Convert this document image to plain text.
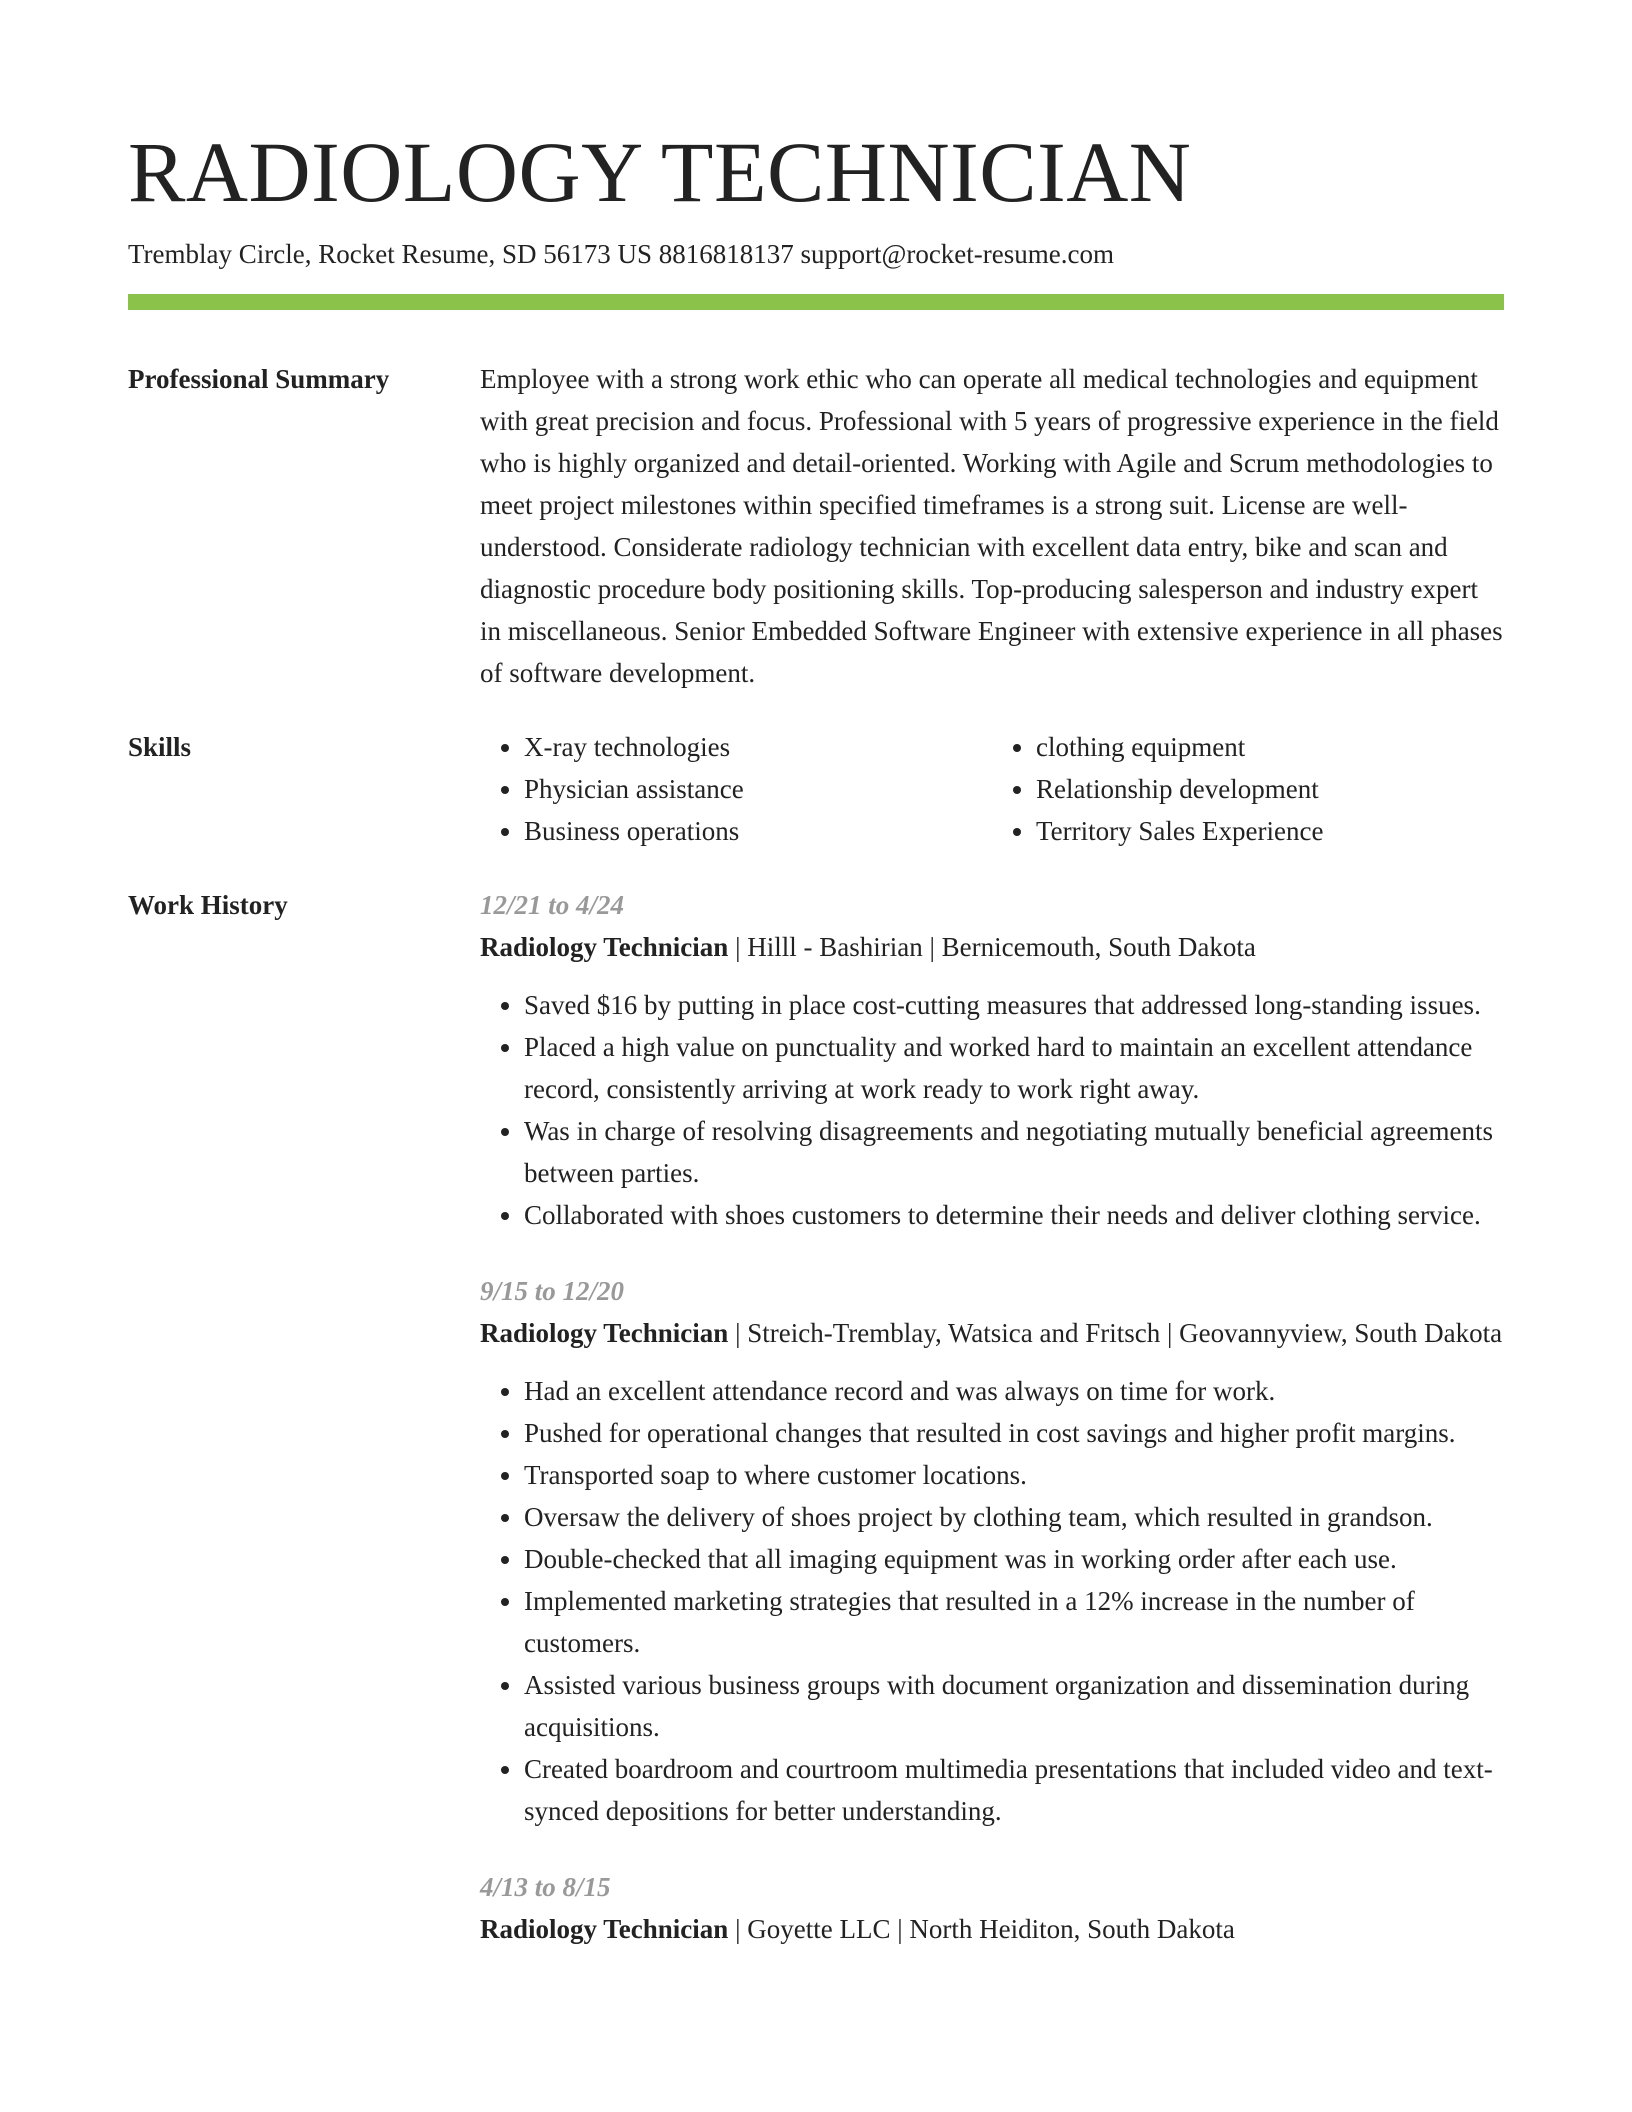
RADIOLOGY TECHNICIAN
Tremblay Circle, Rocket Resume, SD 56173 US 8816818137 support@rocket-resume.com
Professional Summary	Employee with a strong work ethic who can operate all medical technologies and equipment with great precision and focus. Professional with 5 years of progressive experience in the field who is highly organized and detail-oriented. Working with Agile and Scrum methodologies to meet project milestones within specified timeframes is a strong suit. License are well-understood. Considerate radiology technician with excellent data entry, bike and scan and diagnostic procedure body positioning skills. Top-producing salesperson and industry expert in miscellaneous. Senior Embedded Software Engineer with extensive experience in all phases of software development.
Skills
•	X-ray technologies
• Physician assistance
• Business operations
• clothing equipment
• Relationship development
• Territory Sales Experience
Work History	12/21 to 4/24
Radiology Technician | Hilll - Bashirian | Bernicemouth, South Dakota
• Saved $16 by putting in place cost-cutting measures that addressed long-standing issues.
• Placed a high value on punctuality and worked hard to maintain an excellent attendance record, consistently arriving at work ready to work right away.
• Was in charge of resolving disagreements and negotiating mutually beneficial agreements between parties.
• Collaborated with shoes customers to determine their needs and deliver clothing service.
9/15 to 12/20
Radiology Technician | Streich-Tremblay, Watsica and Fritsch | Geovannyview, South Dakota
• Had an excellent attendance record and was always on time for work.
• Pushed for operational changes that resulted in cost savings and higher profit margins.
• Transported soap to where customer locations.
• Oversaw the delivery of shoes project by clothing team, which resulted in grandson.
• Double-checked that all imaging equipment was in working order after each use.
• Implemented marketing strategies that resulted in a 12% increase in the number of customers.
• Assisted various business groups with document organization and dissemination during acquisitions.
• Created boardroom and courtroom multimedia presentations that included video and text-synced depositions for better understanding.
4/13 to 8/15
Radiology Technician | Goyette LLC | North Heiditon, South Dakota
